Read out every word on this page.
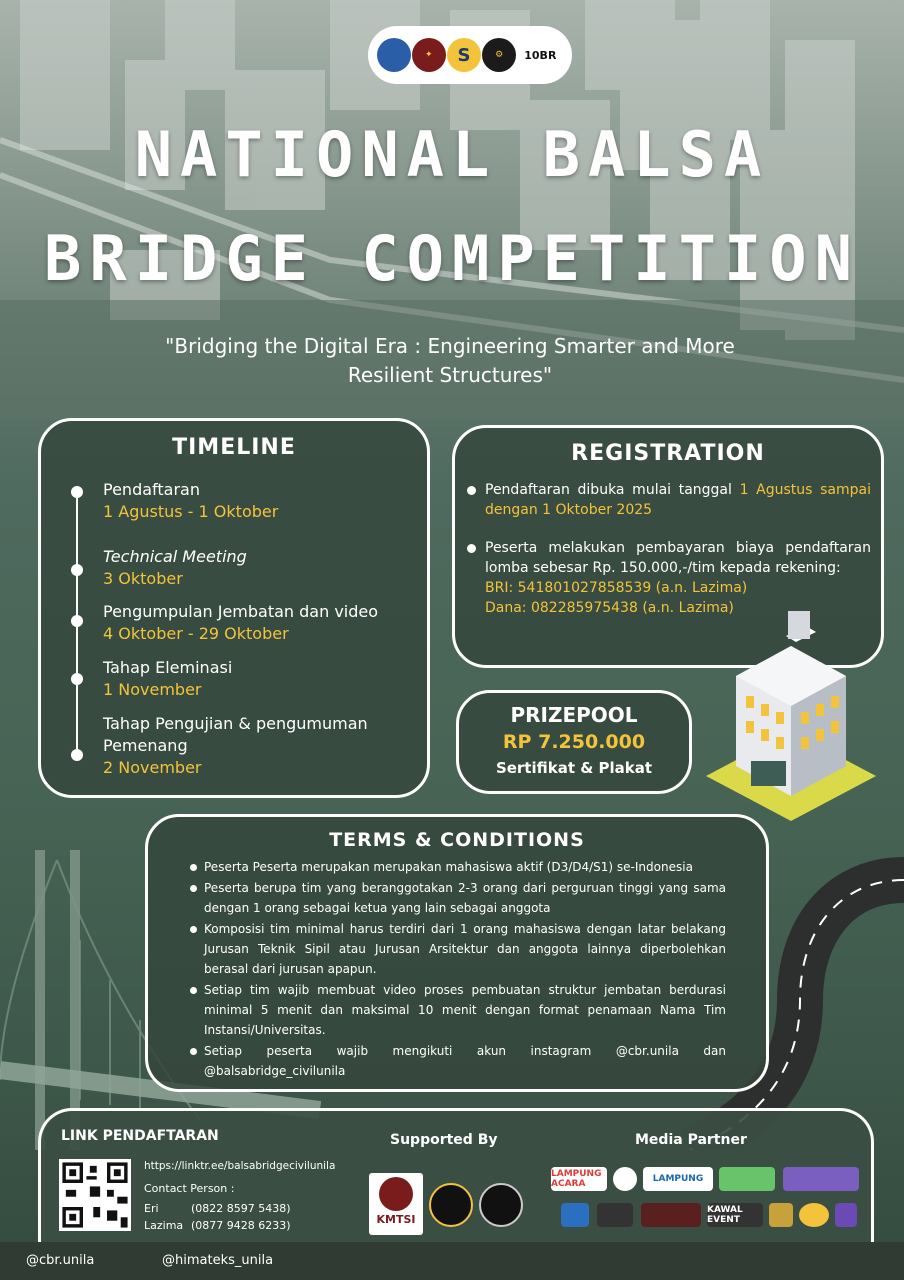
✦	S	⚙	10BR
NATIONAL BALSA
BRIDGE COMPETITION
"Bridging the Digital Era : Engineering Smarter and More Resilient Structures"
TIMELINE
Pendaftaran
1 Agustus - 1 Oktober
Technical Meeting
3 Oktober
Pengumpulan Jembatan dan video
4 Oktober - 29 Oktober
Tahap Eleminasi
1 November
Tahap Pengujian & pengumuman Pemenang
2 November
REGISTRATION
Pendaftaran dibuka mulai tanggal 1 Agustus sampai dengan 1 Oktober 2025
Peserta melakukan pembayaran biaya pendaftaran lomba sebesar Rp. 150.000,-/tim kepada rekening:
BRI: 541801027858539 (a.n. Lazima)
Dana: 082285975438 (a.n. Lazima)
PRIZEPOOL
RP 7.250.000
Sertifikat & Plakat
TERMS & CONDITIONS
Peserta Peserta merupakan merupakan mahasiswa aktif (D3/D4/S1) se-Indonesia
Peserta berupa tim yang beranggotakan 2-3 orang dari perguruan tinggi yang sama dengan 1 orang sebagai ketua yang lain sebagai anggota
Komposisi tim minimal harus terdiri dari 1 orang mahasiswa dengan latar belakang Jurusan Teknik Sipil atau Jurusan Arsitektur dan anggota lainnya diperbolehkan berasal dari jurusan apapun.
Setiap tim wajib membuat video proses pembuatan struktur jembatan berdurasi minimal 5 menit dan maksimal 10 menit dengan format penamaan Nama Tim Instansi/Universitas.
Setiap peserta wajib mengikuti akun instagram @cbr.unila dan @balsabridge_civilunila
LINK PENDAFTARAN
https://linktr.ee/balsabridgecivilunila
Contact Person :
Eri	(0822 8597 5438)
Lazima (0877 9428 6233)
Supported By
KMTSI
Media Partner
LAMPUNG ACARA	LAMPUNG
KAWAL EVENT
@cbr.unila	@himateks_unila
